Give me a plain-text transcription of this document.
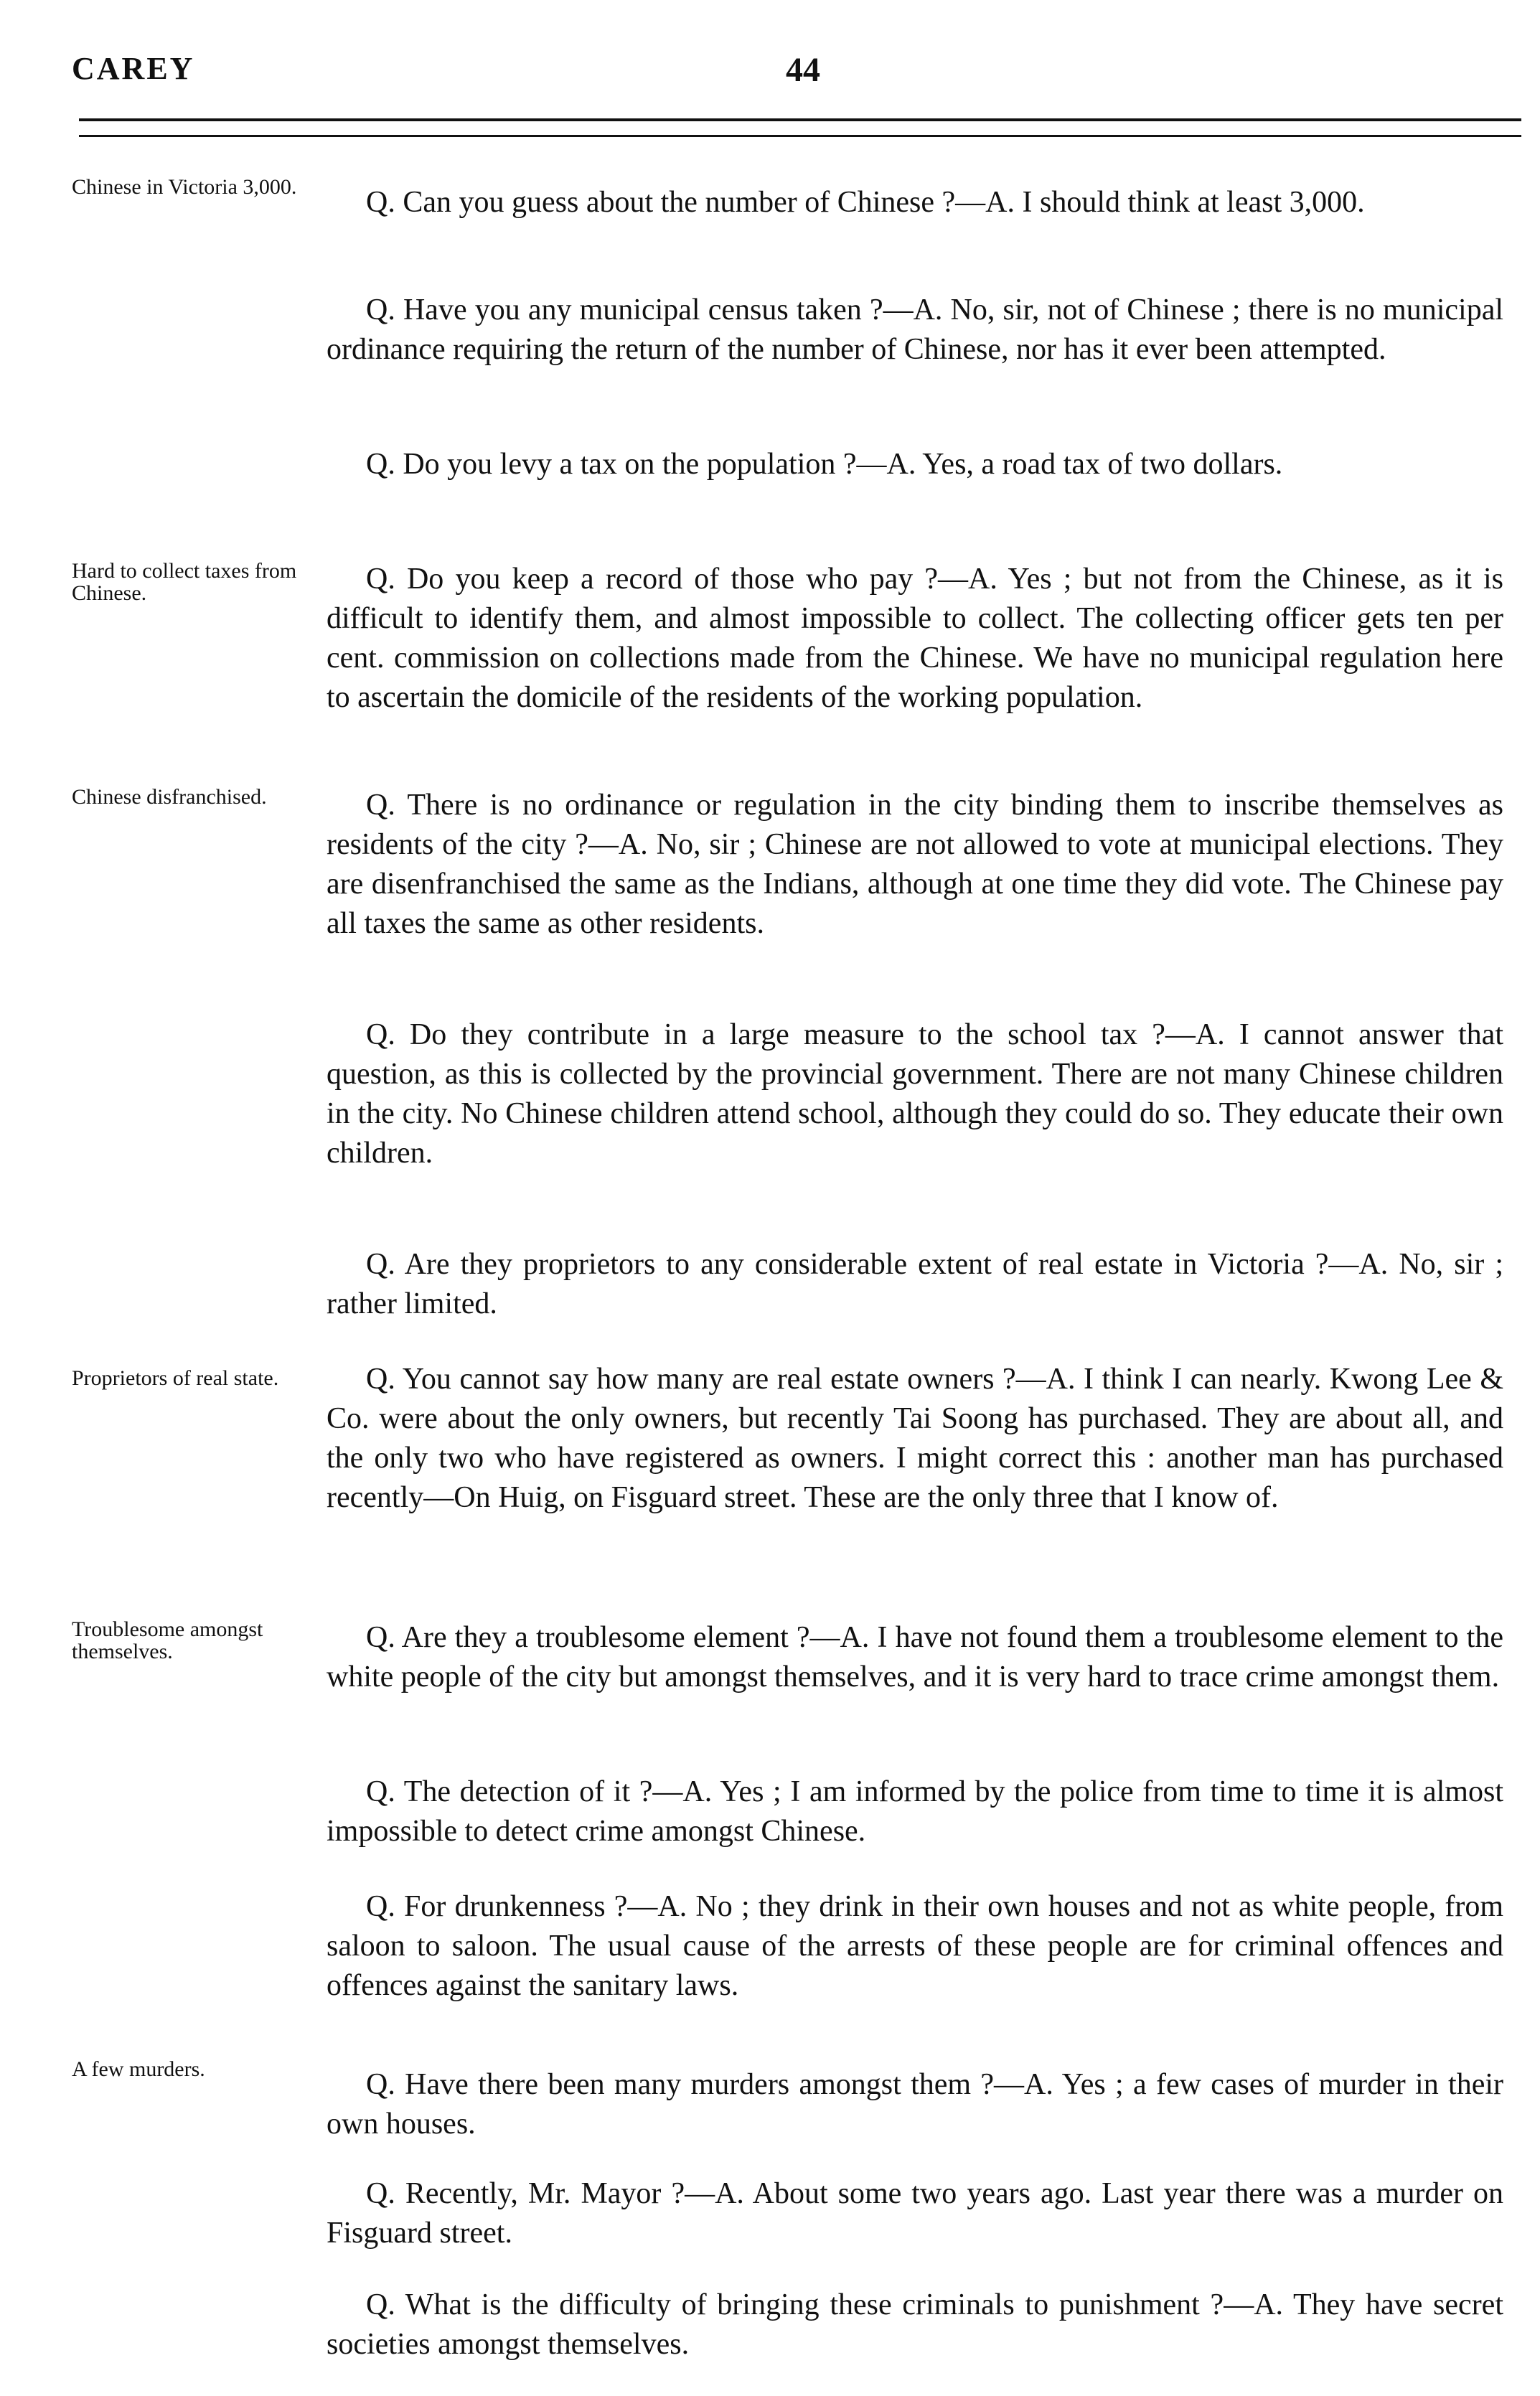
CAREY	44
Chinese in Victoria 3,000.
Hard to collect taxes from Chinese.
Chinese disfranchised.
Proprietors of real state.
Troublesome amongst themselves.
A few murders.
Q. Can you guess about the number of Chinese ?—A. I should think at least 3,000.
Q. Have you any municipal census taken ?—A. No, sir, not of Chinese ; there is no municipal ordinance requiring the return of the number of Chinese, nor has it ever been attempted.
Q. Do you levy a tax on the population ?—A. Yes, a road tax of two dollars.
Q. Do you keep a record of those who pay ?—A. Yes ; but not from the Chinese, as it is difficult to identify them, and almost impossible to collect. The collecting officer gets ten per cent. commission on collections made from the Chinese. We have no municipal regulation here to ascertain the domicile of the residents of the working population.
Q. There is no ordinance or regulation in the city binding them to inscribe themselves as residents of the city ?—A. No, sir ; Chinese are not allowed to vote at municipal elections. They are disenfranchised the same as the Indians, although at one time they did vote. The Chinese pay all taxes the same as other residents.
Q. Do they contribute in a large measure to the school tax ?—A. I cannot answer that question, as this is collected by the provincial government. There are not many Chinese children in the city. No Chinese children attend school, although they could do so. They educate their own children.
Q. Are they proprietors to any considerable extent of real estate in Victoria ?—A. No, sir ; rather limited.
Q. You cannot say how many are real estate owners ?—A. I think I can nearly. Kwong Lee & Co. were about the only owners, but recently Tai Soong has purchased. They are about all, and the only two who have registered as owners. I might correct this : another man has purchased recently—On Huig, on Fisguard street. These are the only three that I know of.
Q. Are they a troublesome element ?—A. I have not found them a troublesome element to the white people of the city but amongst themselves, and it is very hard to trace crime amongst them.
Q. The detection of it ?—A. Yes ; I am informed by the police from time to time it is almost impossible to detect crime amongst Chinese.
Q. For drunkenness ?—A. No ; they drink in their own houses and not as white people, from saloon to saloon. The usual cause of the arrests of these people are for criminal offences and offences against the sanitary laws.
Q. Have there been many murders amongst them ?—A. Yes ; a few cases of murder in their own houses.
Q. Recently, Mr. Mayor ?—A. About some two years ago. Last year there was a murder on Fisguard street.
Q. What is the difficulty of bringing these criminals to punishment ?—A. They have secret societies amongst themselves.
